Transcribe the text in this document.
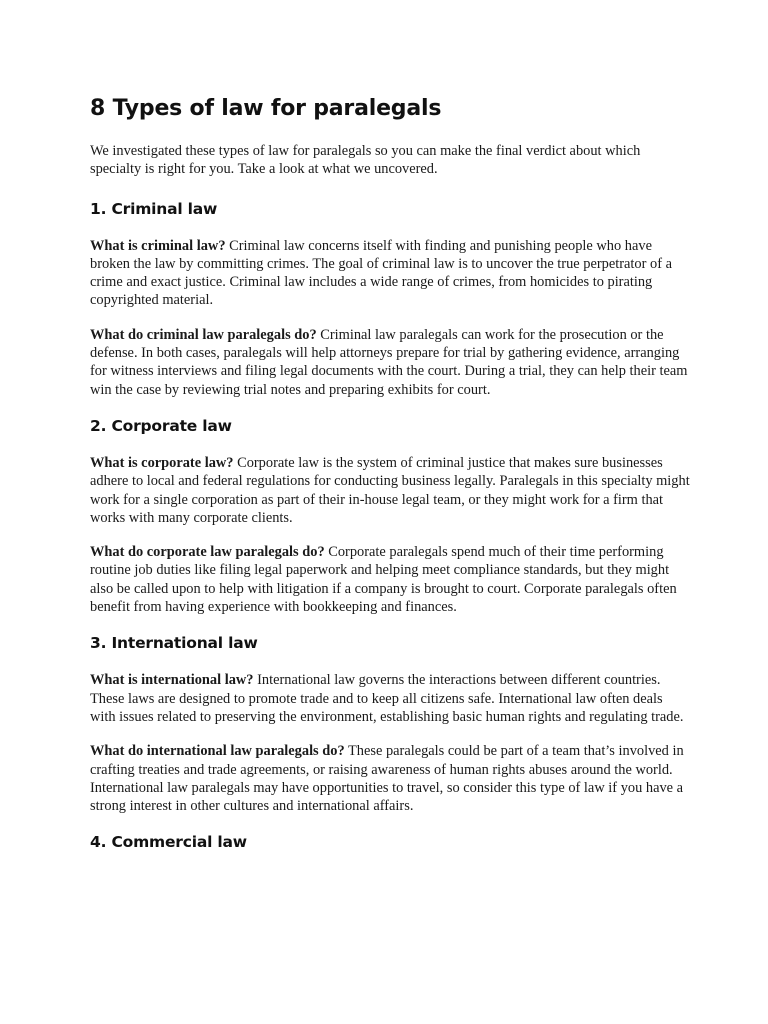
8 Types of law for paralegals

We investigated these types of law for paralegals so you can make the final verdict about which specialty is right for you. Take a look at what we uncovered.

1. Criminal law

What is criminal law? Criminal law concerns itself with finding and punishing people who have broken the law by committing crimes. The goal of criminal law is to uncover the true perpetrator of a crime and exact justice. Criminal law includes a wide range of crimes, from homicides to pirating copyrighted material.

What do criminal law paralegals do? Criminal law paralegals can work for the prosecution or the defense. In both cases, paralegals will help attorneys prepare for trial by gathering evidence, arranging for witness interviews and filing legal documents with the court. During a trial, they can help their team win the case by reviewing trial notes and preparing exhibits for court.

2. Corporate law

What is corporate law? Corporate law is the system of criminal justice that makes sure businesses adhere to local and federal regulations for conducting business legally. Paralegals in this specialty might work for a single corporation as part of their in-house legal team, or they might work for a firm that works with many corporate clients.

What do corporate law paralegals do? Corporate paralegals spend much of their time performing routine job duties like filing legal paperwork and helping meet compliance standards, but they might also be called upon to help with litigation if a company is brought to court. Corporate paralegals often benefit from having experience with bookkeeping and finances.

3. International law

What is international law? International law governs the interactions between different countries. These laws are designed to promote trade and to keep all citizens safe. International law often deals with issues related to preserving the environment, establishing basic human rights and regulating trade.

What do international law paralegals do? These paralegals could be part of a team that’s involved in crafting treaties and trade agreements, or raising awareness of human rights abuses around the world. International law paralegals may have opportunities to travel, so consider this type of law if you have a strong interest in other cultures and international affairs.

4. Commercial law
